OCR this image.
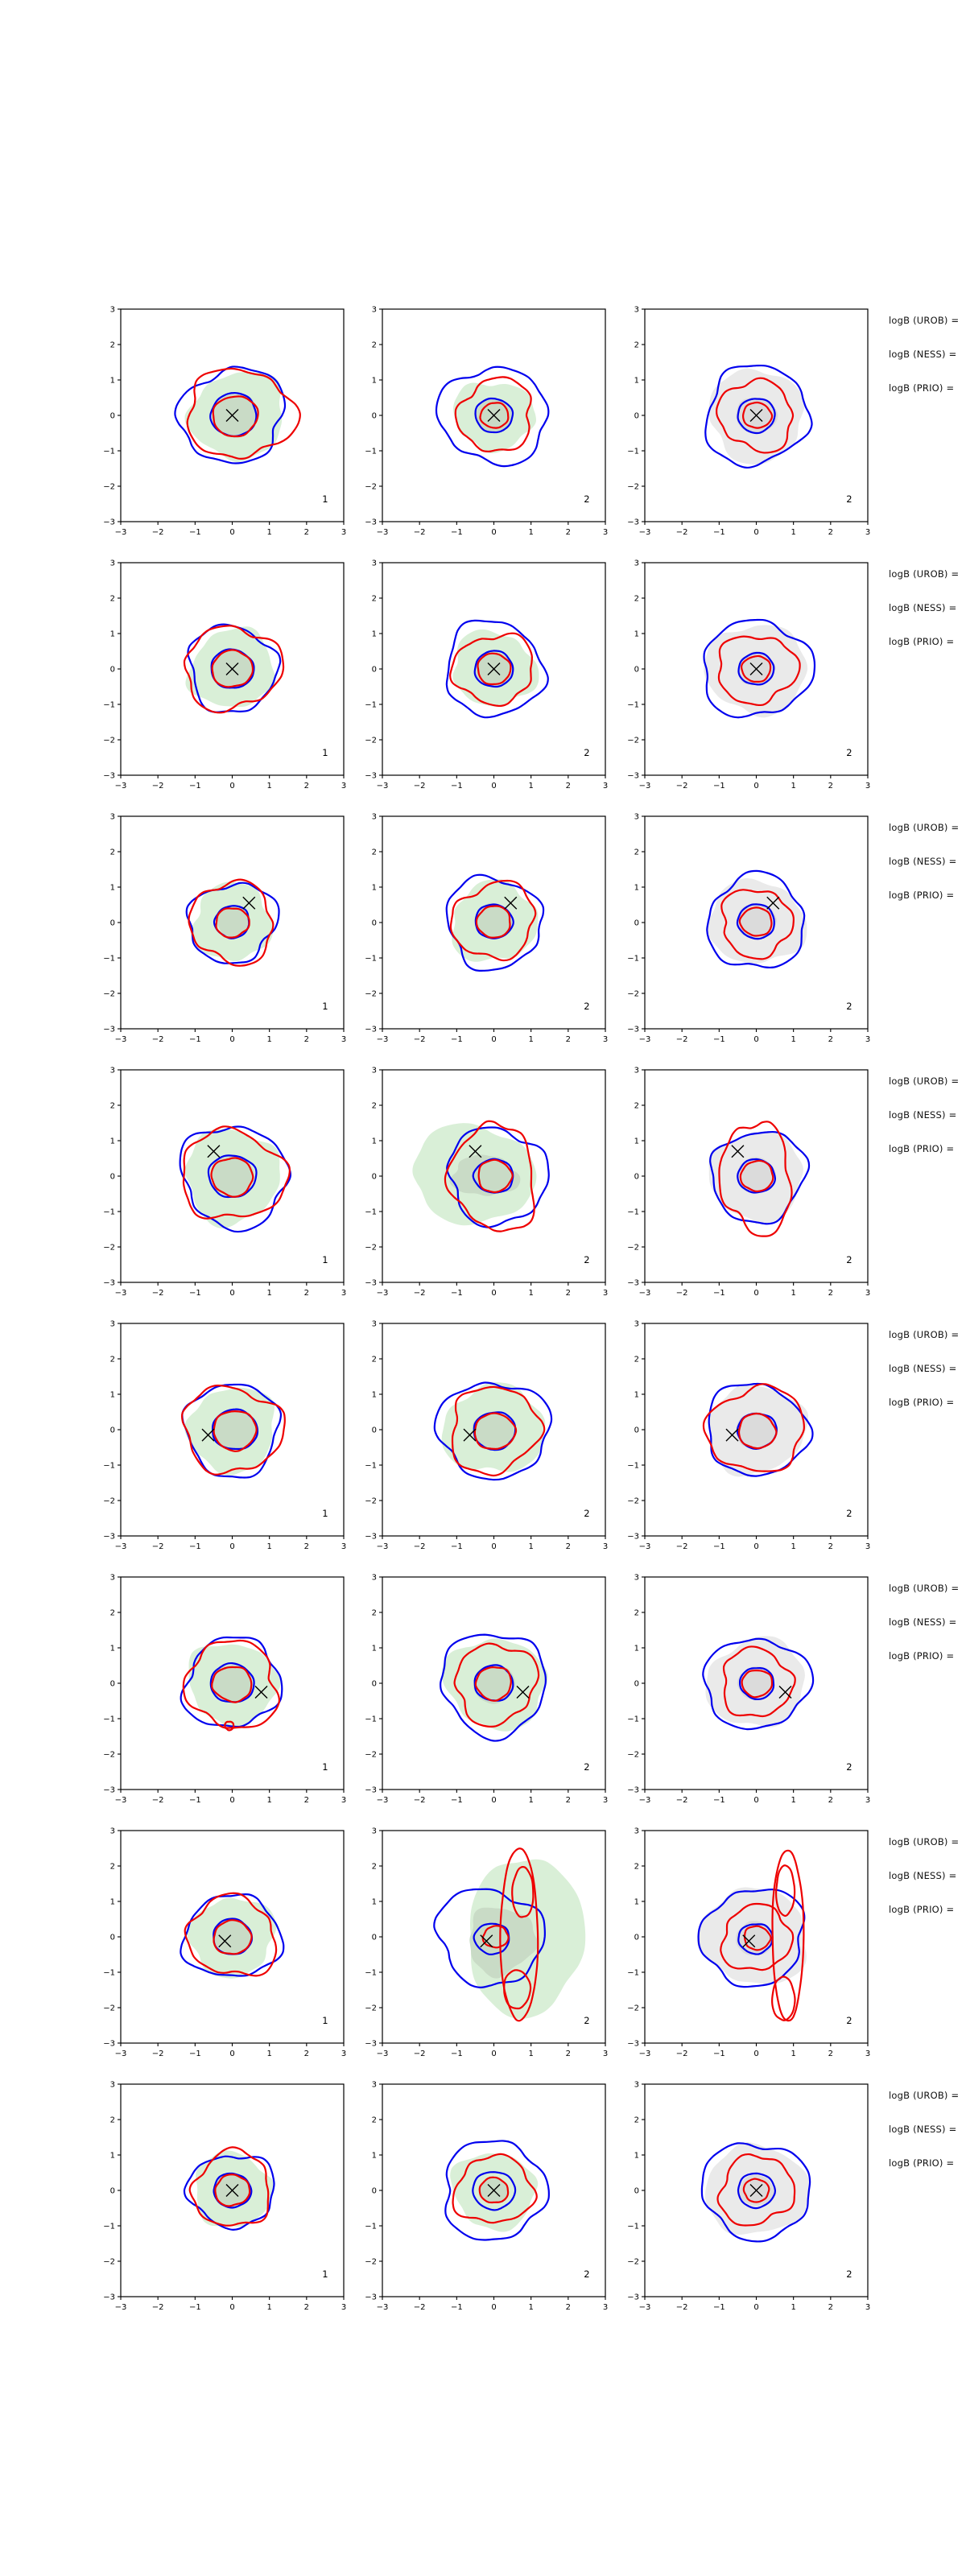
−3	−2	−1	0	1	2	3
−3
−2
−1
0
1
2
3
1
−3	−2	−1	0	1	2	3
−3
−2
−1
0
1
2
3
2
−3	−2	−1	0	1	2	3
−3
−2
−1
0
1
2
3
2
−3	−2	−1	0	1	2	3
−3
−2
−1
0
1
2
3
1
−3	−2	−1	0	1	2	3
−3
−2
−1
0
1
2
3
2
−3	−2	−1	0	1	2	3
−3
−2
−1
0
1
2
3
2
−3	−2	−1	0	1	2	3
−3
−2
−1
0
1
2
3
1
−3	−2	−1	0	1	2	3
−3
−2
−1
0
1
2
3
2
−3	−2	−1	0	1	2	3
−3
−2
−1
0
1
2
3
2
−3	−2	−1	0	1	2	3
−3
−2
−1
0
1
2
3
1
−3	−2	−1	0	1	2	3
−3
−2
−1
0
1
2
3
2
−3	−2	−1	0	1	2	3
−3
−2
−1
0
1
2
3
2
−3	−2	−1	0	1	2	3
−3
−2
−1
0
1
2
3
1
−3	−2	−1	0	1	2	3
−3
−2
−1
0
1
2
3
2
−3	−2	−1	0	1	2	3
−3
−2
−1
0
1
2
3
2
−3	−2	−1	0	1	2	3
−3
−2
−1
0
1
2
3
1
−3	−2	−1	0	1	2	3
−3
−2
−1
0
1
2
3
2
−3	−2	−1	0	1	2	3
−3
−2
−1
0
1
2
3
2
−3	−2	−1	0	1	2	3
−3
−2
−1
0
1
2
3
1
−3	−2	−1	0	1	2	3
−3
−2
−1
0
1
2
3
2
−3	−2	−1	0	1	2	3
−3
−2
−1
0
1
2
3
2
−3	−2	−1	0	1	2	3
−3
−2
−1
0
1
2
3
1
−3	−2	−1	0	1	2	3
−3
−2
−1
0
1
2
3
2
−3	−2	−1	0	1	2	3
−3
−2
−1
0
1
2
3
2
logB (UROB) =
logB (NESS) =
logB (PRIO) =
logB (UROB) =
logB (NESS) =
logB (PRIO) =
logB (UROB) =
logB (NESS) =
logB (PRIO) =
logB (UROB) =
logB (NESS) =
logB (PRIO) =
logB (UROB) =
logB (NESS) =
logB (PRIO) =
logB (UROB) =
logB (NESS) =
logB (PRIO) =
logB (UROB) =
logB (NESS) =
logB (PRIO) =
logB (UROB) =
logB (NESS) =
logB (PRIO) =
